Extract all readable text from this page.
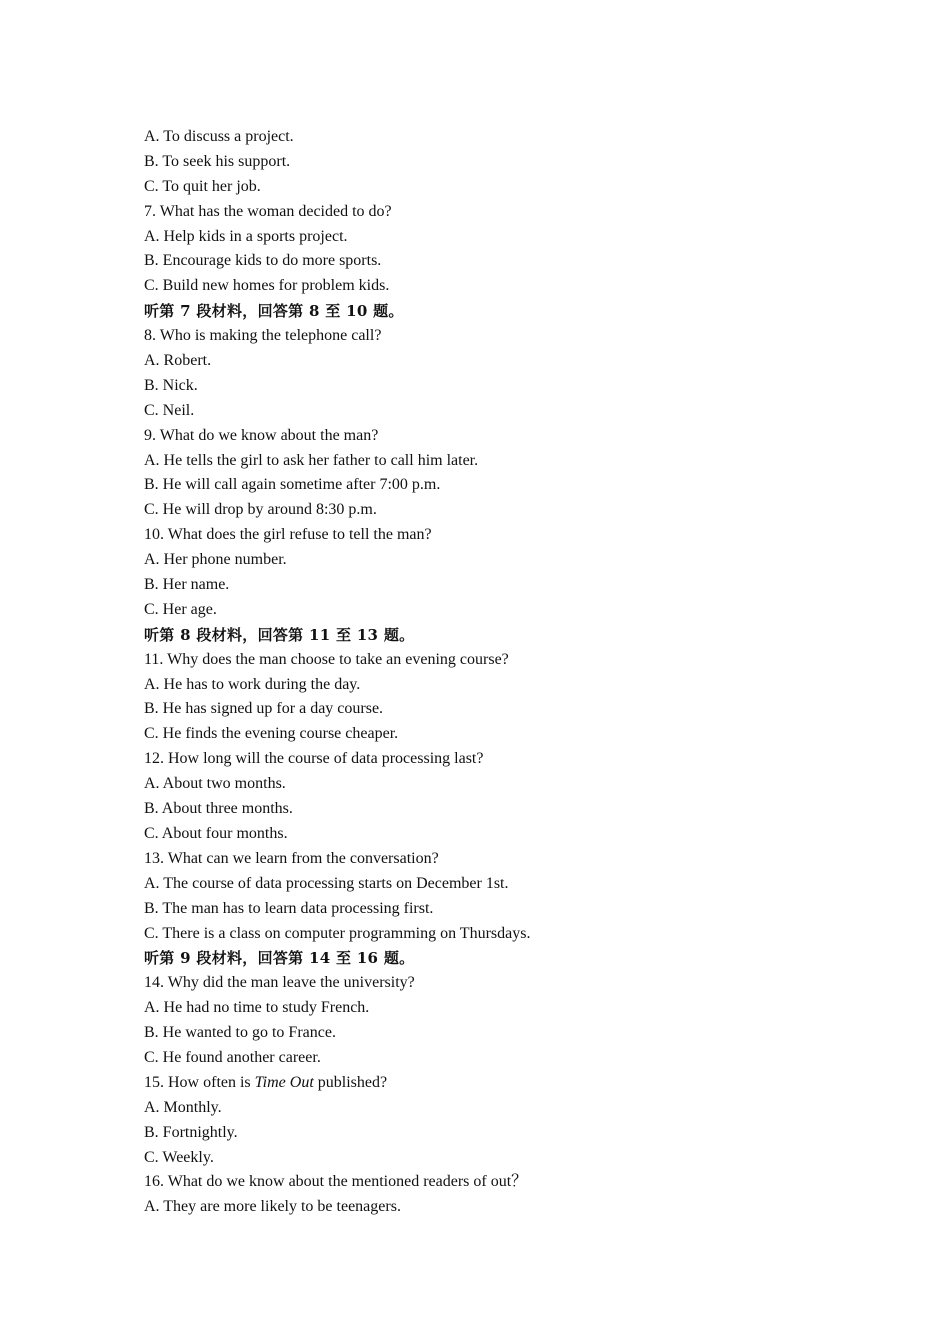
A. To discuss a project.
B. To seek his support.
C. To quit her job.
7. What has the woman decided to do?
A. Help kids in a sports project.
B. Encourage kids to do more sports.
C. Build new homes for problem kids.
听第 7 段材料，回答第 8 至 10 题。
8. Who is making the telephone call?
A. Robert.
B. Nick.
C. Neil.
9. What do we know about the man?
A. He tells the girl to ask her father to call him later.
B. He will call again sometime after 7:00 p.m.
C. He will drop by around 8:30 p.m.
10. What does the girl refuse to tell the man?
A. Her phone number.
B. Her name.
C. Her age.
听第 8 段材料，回答第 11 至 13 题。
11. Why does the man choose to take an evening course?
A. He has to work during the day.
B. He has signed up for a day course.
C. He finds the evening course cheaper.
12. How long will the course of data processing last?
A. About two months.
B. About three months.
C. About four months.
13. What can we learn from the conversation?
A. The course of data processing starts on December 1st.
B. The man has to learn data processing first.
C. There is a class on computer programming on Thursdays.
听第 9 段材料，回答第 14 至 16 题。
14. Why did the man leave the university?
A. He had no time to study French.
B. He wanted to go to France.
C. He found another career.
15. How often is Time Out published?
A. Monthly.
B. Fortnightly.
C. Weekly.
16. What do we know about the mentioned readers of out？
A. They are more likely to be teenagers.
